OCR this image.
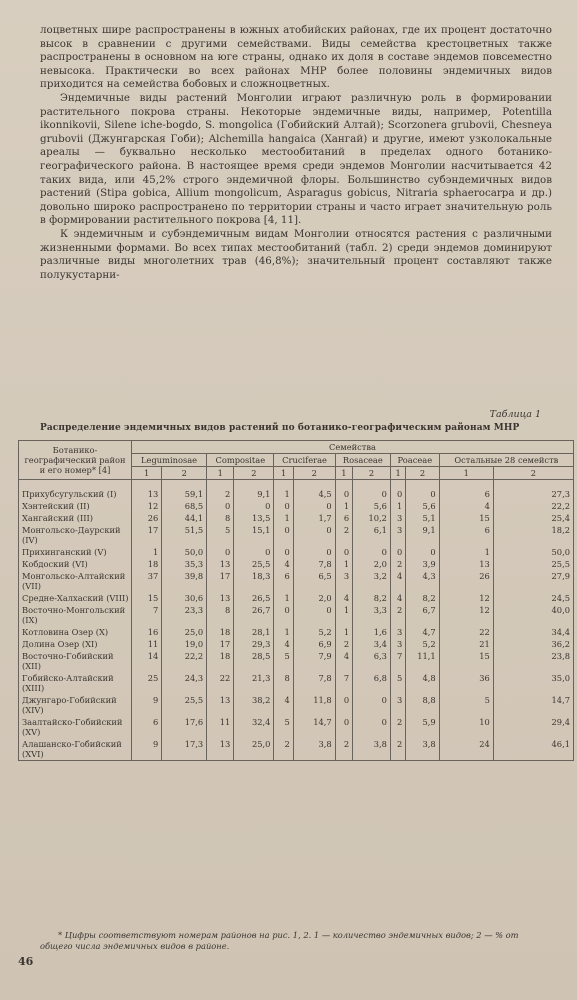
лоцветных шире распространены в южных атобийских районах, где их процент достаточно высок в сравнении с другими семействами. Виды семейства крестоцветных также распространены в основном на юге страны, однако их доля в составе эндемов повсеместно невысока. Практически во всех районах МНР более половины эндемичных видов приходится на семейства бобовых и сложноцветных.

Эндемичные виды растений Монголии играют различную роль в формировании растительного покрова страны. Некоторые эндемичные виды, например, Potentilla ikonnikovii, Silene iche-bogdo, S. mongolica (Гобийский Алтай); Scorzonera grubovii, Chesneya grubovii (Джунгарская Гоби); Alchemilla hangaica (Хангай) и другие, имеют узколокальные ареалы — буквально несколько местообитаний в пределах одного ботанико-географического района. В настоящее время среди эндемов Монголии насчитывается 42 таких вида, или 45,2% строго эндемичной флоры. Большинство субэндемичных видов растений (Stipa gobica, Allium mongolicum, Asparagus gobicus, Nitraria sphaerocarpa и др.) довольно широко распространено по территории страны и часто играет значительную роль в формировании растительного покрова [4, 11].

К эндемичным и субэндемичным видам Монголии относятся растения с различными жизненными формами. Во всех типах местообитаний (табл. 2) среди эндемов доминируют различные виды многолетних трав (46,8%); значительный процент составляют также полукустарни-

Таблица 1
Распределение эндемичных видов растений по ботанико-географическим районам МНР
Ботанико-географический район и его номер* [4]	Семейства											
	Leguminosae		Compositae		Cruciferae		Rosaceae		Poaceae		Остальные 28 семейств	
	1	2	1	2	1	2	1	2	1	2	1	2

Прихубсугульский (I)	13	59,1	2	9,1	1	4,5	0	0	0	0	6	27,3
Хэнтейский (II)	12	68,5	0	0	0	0	1	5,6	1	5,6	4	22,2
Хангайский (III)	26	44,1	8	13,5	1	1,7	6	10,2	3	5,1	15	25,4
Монгольско-Даурский (IV)	17	51,5	5	15,1	0	0	2	6,1	3	9,1	6	18,2
Прихинганский (V)	1	50,0	0	0	0	0	0	0	0	0	1	50,0
Кобдоский (VI)	18	35,3	13	25,5	4	7,8	1	2,0	2	3,9	13	25,5
Монгольско-Алтайский (VII)	37	39,8	17	18,3	6	6,5	3	3,2	4	4,3	26	27,9
Средне-Халхаский (VIII)	15	30,6	13	26,5	1	2,0	4	8,2	4	8,2	12	24,5
Восточно-Монгольский (IX)	7	23,3	8	26,7	0	0	1	3,3	2	6,7	12	40,0
Котловина Озер (X)	16	25,0	18	28,1	1	5,2	1	1,6	3	4,7	22	34,4
Долина Озер (XI)	11	19,0	17	29,3	4	6,9	2	3,4	3	5,2	21	36,2
Восточно-Гобийский (XII)	14	22,2	18	28,5	5	7,9	4	6,3	7	11,1	15	23,8
Гобийско-Алтайский (XIII)	25	24,3	22	21,3	8	7,8	7	6,8	5	4,8	36	35,0
Джунгаро-Гобийский (XIV)	9	25,5	13	38,2	4	11,8	0	0	3	8,8	5	14,7
Заалтайско-Гобийский (XV)	6	17,6	11	32,4	5	14,7	0	0	2	5,9	10	29,4
Алашанско-Гобийский (XVI)	9	17,3	13	25,0	2	3,8	2	3,8	2	3,8	24	46,1
* Цифры соответствуют номерам районов на рис. 1, 2. 1 — количество эндемичных видов; 2 — % от общего числа эндемичных видов в районе.
46
